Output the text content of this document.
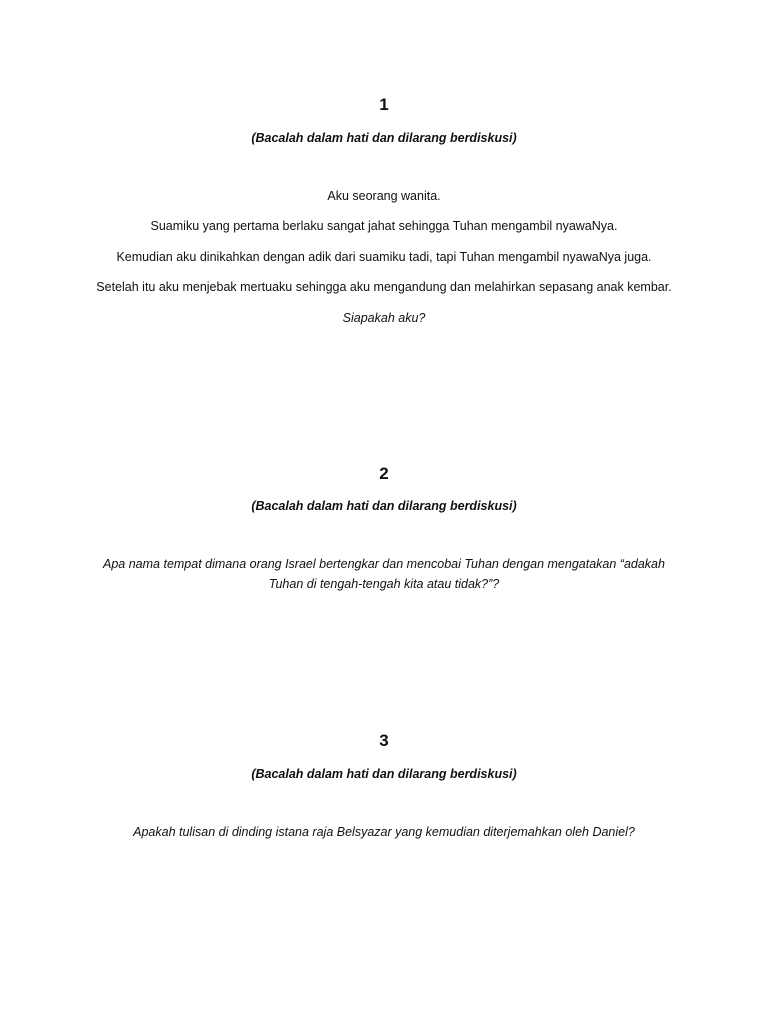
1
(Bacalah dalam hati dan dilarang berdiskusi)
Aku seorang wanita.
Suamiku yang pertama berlaku sangat jahat sehingga Tuhan mengambil nyawaNya.
Kemudian aku dinikahkan dengan adik dari suamiku tadi, tapi Tuhan mengambil nyawaNya juga.
Setelah itu aku menjebak mertuaku sehingga aku mengandung dan melahirkan sepasang anak kembar.
Siapakah aku?
2
(Bacalah dalam hati dan dilarang berdiskusi)
Apa nama tempat dimana orang Israel bertengkar dan mencobai Tuhan dengan mengatakan “adakah
Tuhan di tengah-tengah kita atau tidak?”?
3
(Bacalah dalam hati dan dilarang berdiskusi)
Apakah tulisan di dinding istana raja Belsyazar yang kemudian diterjemahkan oleh Daniel?
